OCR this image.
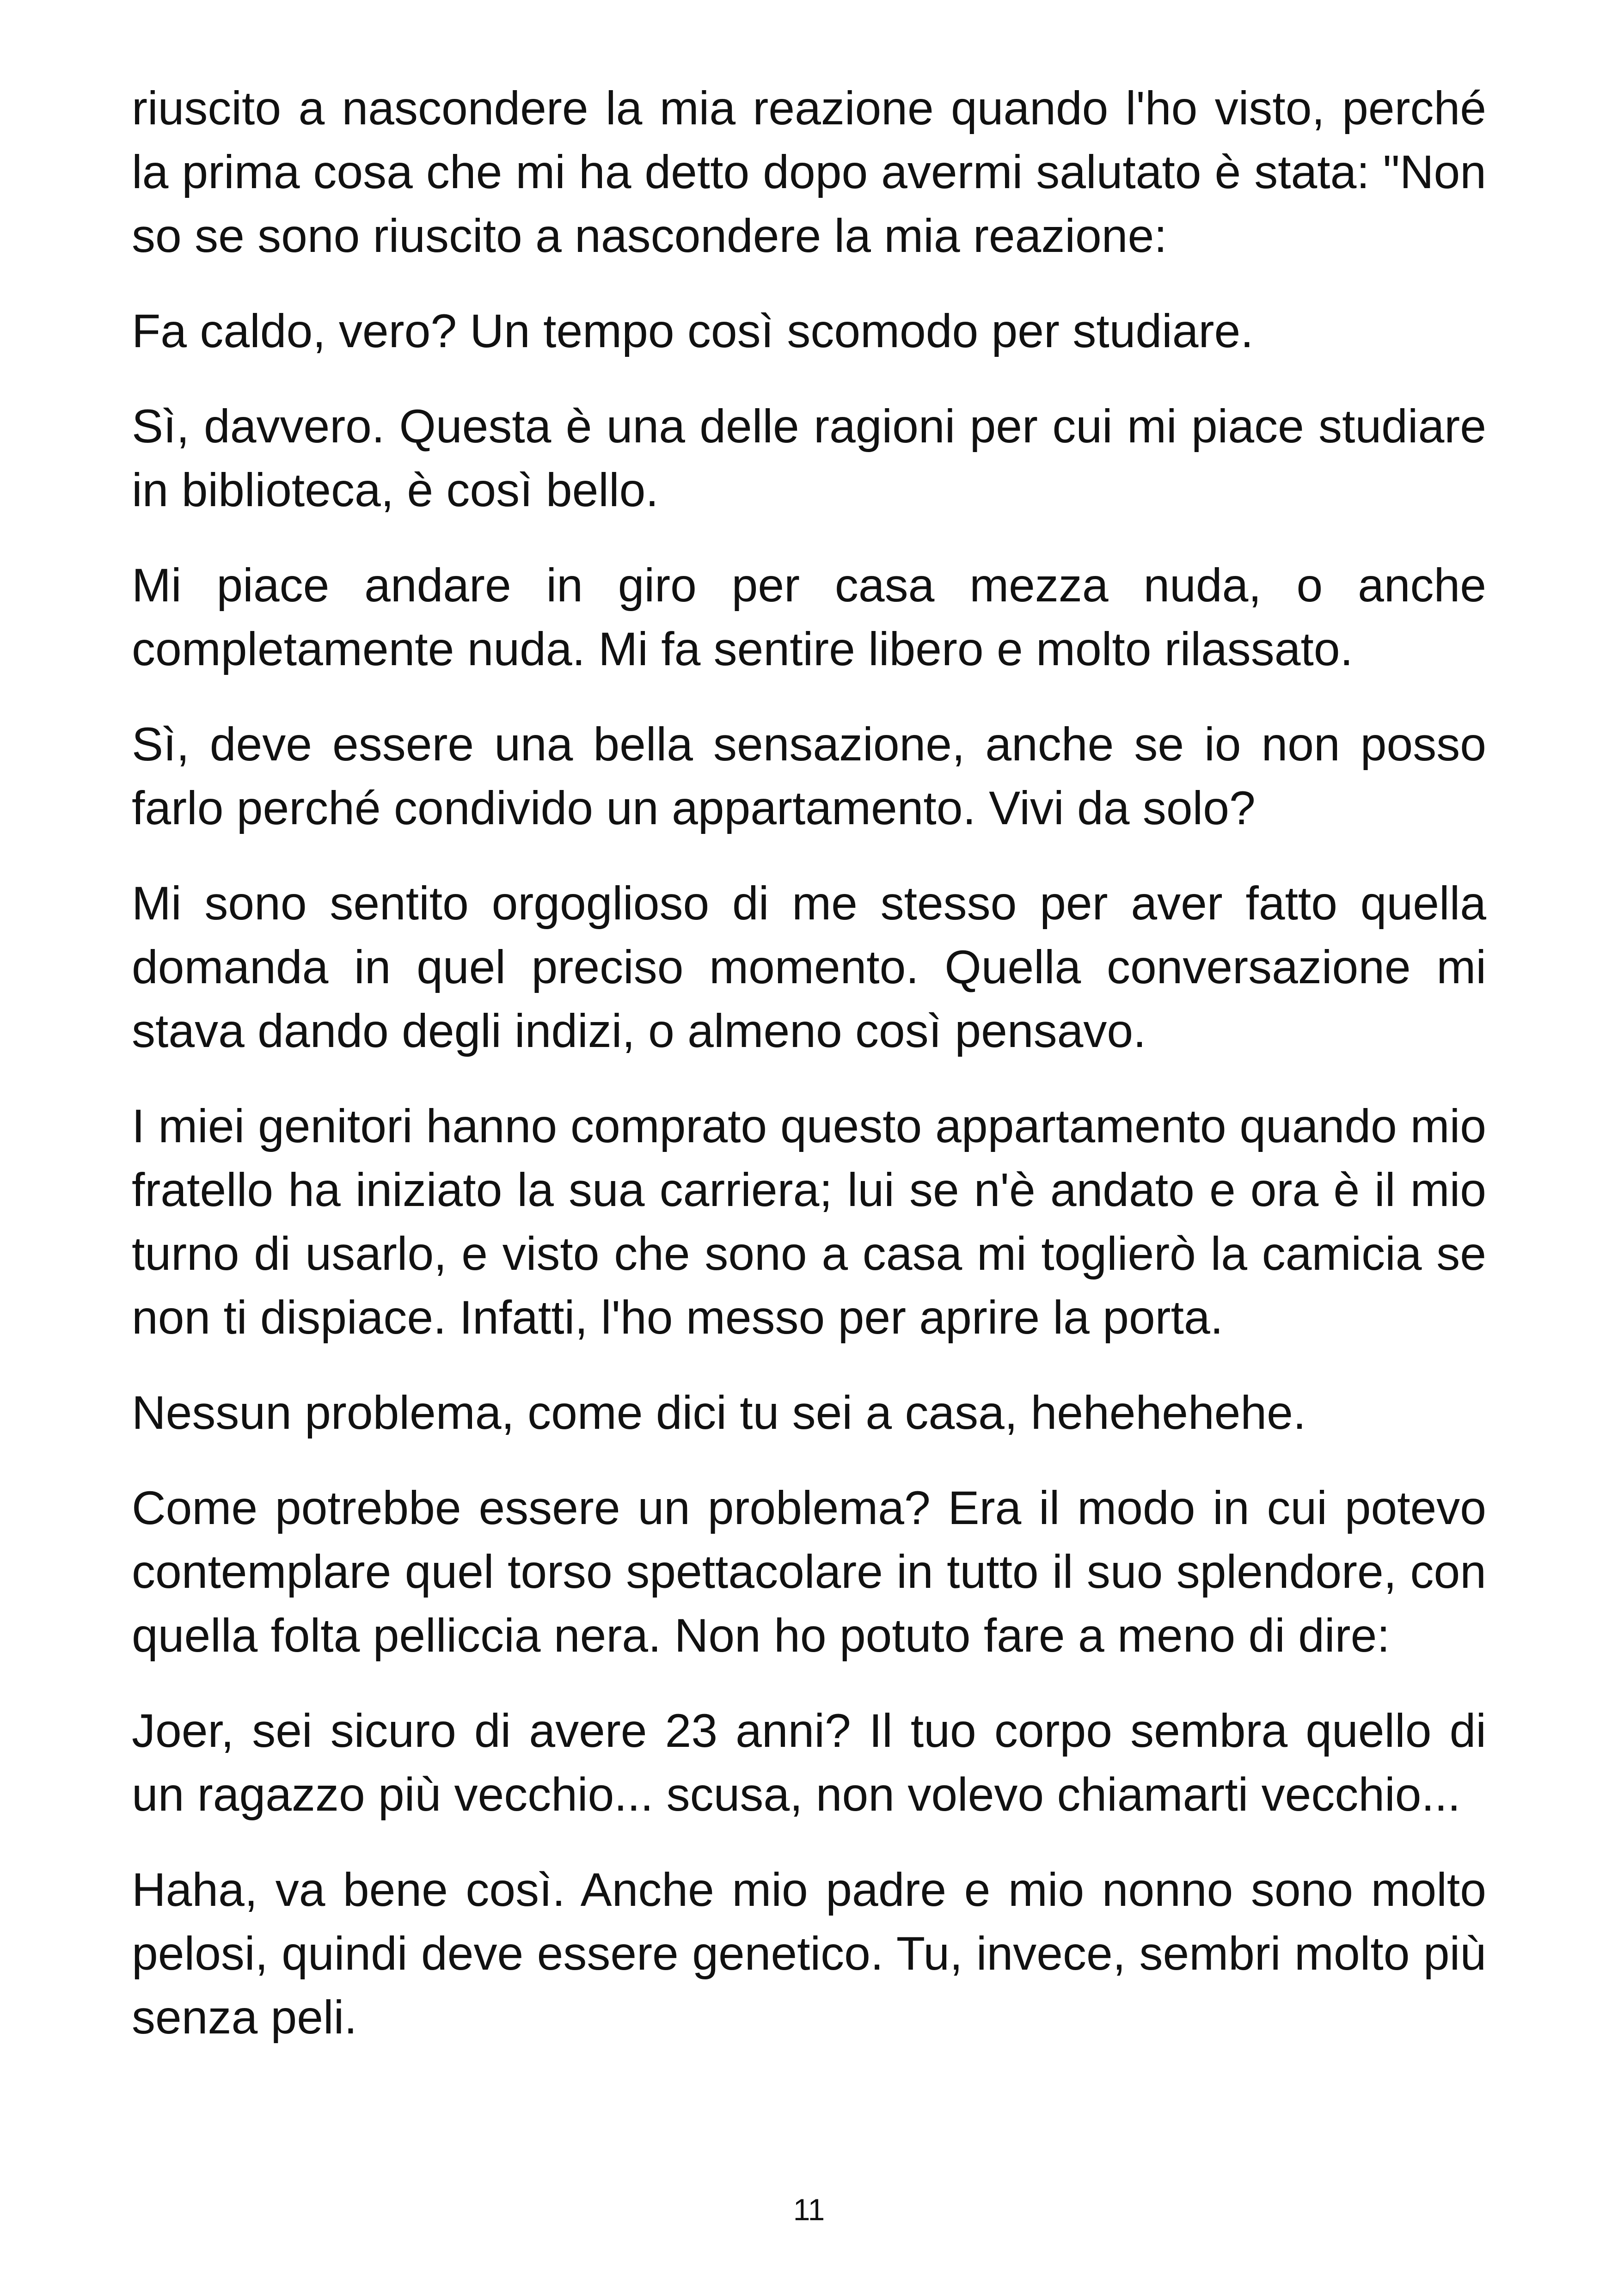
riuscito a nascondere la mia reazione quando l'ho visto, perché la prima cosa che mi ha detto dopo avermi salutato è stata: "Non so se sono riuscito a nascondere la mia reazione:

Fa caldo, vero? Un tempo così scomodo per studiare.

Sì, davvero. Questa è una delle ragioni per cui mi piace studiare in biblioteca, è così bello.

Mi piace andare in giro per casa mezza nuda, o anche completamente nuda. Mi fa sentire libero e molto rilassato.

Sì, deve essere una bella sensazione, anche se io non posso farlo perché condivido un appartamento. Vivi da solo?

Mi sono sentito orgoglioso di me stesso per aver fatto quella domanda in quel preciso momento. Quella conversazione mi stava dando degli indizi, o almeno così pensavo.

I miei genitori hanno comprato questo appartamento quando mio fratello ha iniziato la sua carriera; lui se n'è andato e ora è il mio turno di usarlo, e visto che sono a casa mi toglierò la camicia se non ti dispiace. Infatti, l'ho messo per aprire la porta.

Nessun problema, come dici tu sei a casa, hehehehehe.

Come potrebbe essere un problema? Era il modo in cui potevo contemplare quel torso spettacolare in tutto il suo splendore, con quella folta pelliccia nera. Non ho potuto fare a meno di dire:

Joer, sei sicuro di avere 23 anni? Il tuo corpo sembra quello di un ragazzo più vecchio... scusa, non volevo chiamarti vecchio...

Haha, va bene così. Anche mio padre e mio nonno sono molto pelosi, quindi deve essere genetico. Tu, invece, sembri molto più senza peli.

11
